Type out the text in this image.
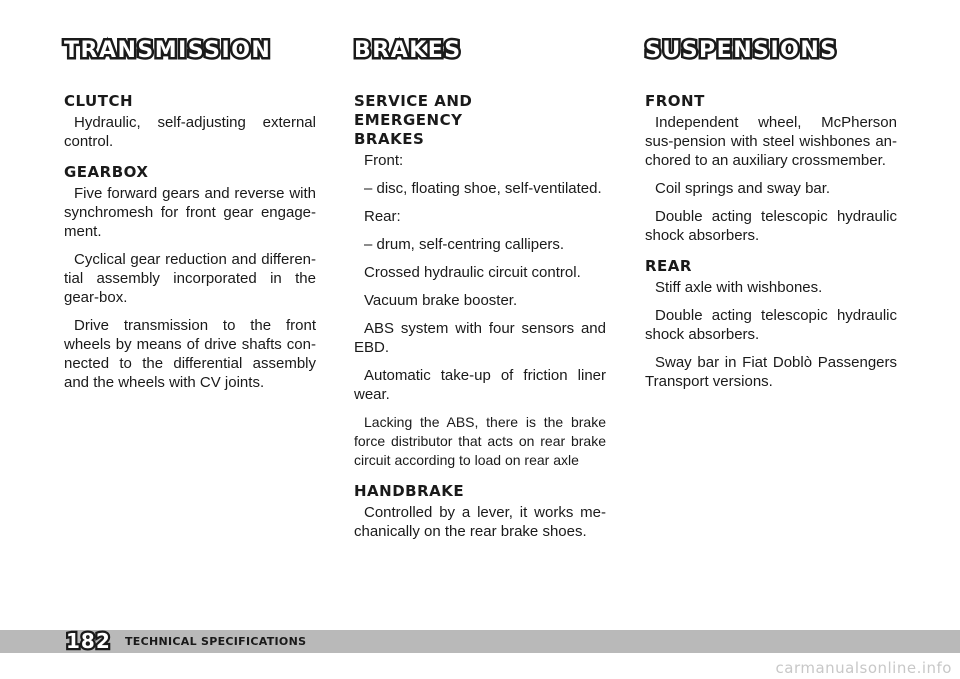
TRANSMISSION
CLUTCH

Hydraulic, self-adjusting external control.

GEARBOX

Five forward gears and reverse with synchromesh for front gear engage-ment.

Cyclical gear reduction and differen-tial assembly incorporated in the gear-box.

Drive transmission to the front wheels by means of drive shafts con-nected to the differential assembly and the wheels with CV joints.

BRAKES
SERVICE AND EMERGENCY BRAKES

Front:

– disc, floating shoe, self-ventilated.

Rear:

– drum, self-centring callipers.

Crossed hydraulic circuit control.

Vacuum brake booster.

ABS system with four sensors and EBD.

Automatic take-up of friction liner wear.

Lacking the ABS, there is the brake force distributor that acts on rear brake circuit according to load on rear axle

HANDBRAKE

Controlled by a lever, it works me-chanically on the rear brake shoes.

SUSPENSIONS
FRONT

Independent wheel, McPherson sus-pension with steel wishbones an-chored to an auxiliary crossmember.

Coil springs and sway bar.

Double acting telescopic hydraulic shock absorbers.

REAR

Stiff axle with wishbones.

Double acting telescopic hydraulic shock absorbers.

Sway bar in Fiat Doblò Passengers Transport versions.

182 TECHNICAL SPECIFICATIONS
carmanualsonline.info
